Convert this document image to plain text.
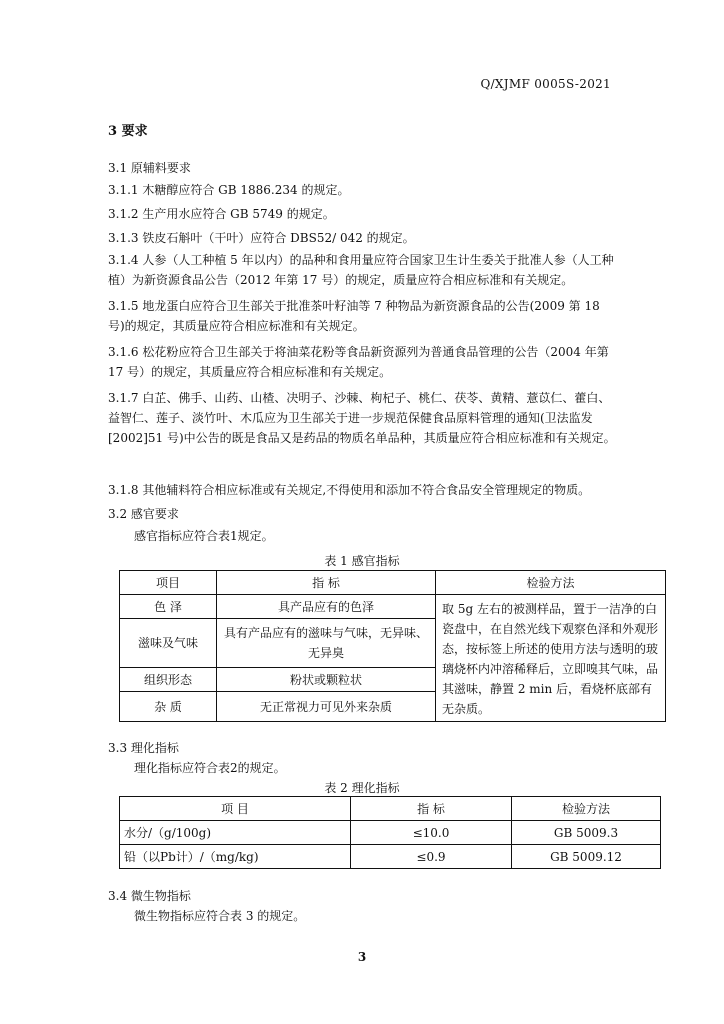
Q/XJMF 0005S-2021
3 要求
3.1 原辅料要求
3.1.1 木糖醇应符合 GB 1886.234 的规定。
3.1.2 生产用水应符合 GB 5749 的规定。
3.1.3 铁皮石斛叶（干叶）应符合 DBS52/ 042 的规定。
3.1.4 人参（人工种植 5 年以内）的品种和食用量应符合国家卫生计生委关于批准人参（人工种植）为新资源食品公告（2012 年第 17 号）的规定，质量应符合相应标准和有关规定。
3.1.5 地龙蛋白应符合卫生部关于批准茶叶籽油等 7 种物品为新资源食品的公告(2009 第 18 号)的规定，其质量应符合相应标准和有关规定。
3.1.6 松花粉应符合卫生部关于将油菜花粉等食品新资源列为普通食品管理的公告（2004 年第 17 号）的规定，其质量应符合相应标准和有关规定。
3.1.7 白芷、佛手、山药、山楂、决明子、沙棘、枸杞子、桃仁、茯苓、黄精、薏苡仁、藿白、益智仁、莲子、淡竹叶、木瓜应为卫生部关于进一步规范保健食品原料管理的通知(卫法监发[2002]51 号)中公告的既是食品又是药品的物质名单品种，其质量应符合相应标准和有关规定。
3.1.8 其他辅料符合相应标准或有关规定,不得使用和添加不符合食品安全管理规定的物质。
3.2 感官要求
感官指标应符合表1规定。
表 1 感官指标
项目	指 标	检验方法
色 泽	具产品应有的色泽	取 5g 左右的被测样品，置于一洁净的白瓷盘中，在自然光线下观察色泽和外观形态，按标签上所述的使用方法与透明的玻璃烧杯内冲溶稀释后，立即嗅其气味，品其滋味，静置 2 min 后，看烧杯底部有无杂质。
滋味及气味	具有产品应有的滋味与气味，无异味、无异臭	
组织形态	粉状或颗粒状	
杂 质	无正常视力可见外来杂质	
3.3 理化指标
理化指标应符合表2的规定。
表 2 理化指标
项 目	指 标	检验方法
水分/（g/100g)	≤10.0	GB 5009.3
铅（以Pb计）/（mg/kg)	≤0.9	GB 5009.12
3.4 微生物指标
微生物指标应符合表 3 的规定。
3
